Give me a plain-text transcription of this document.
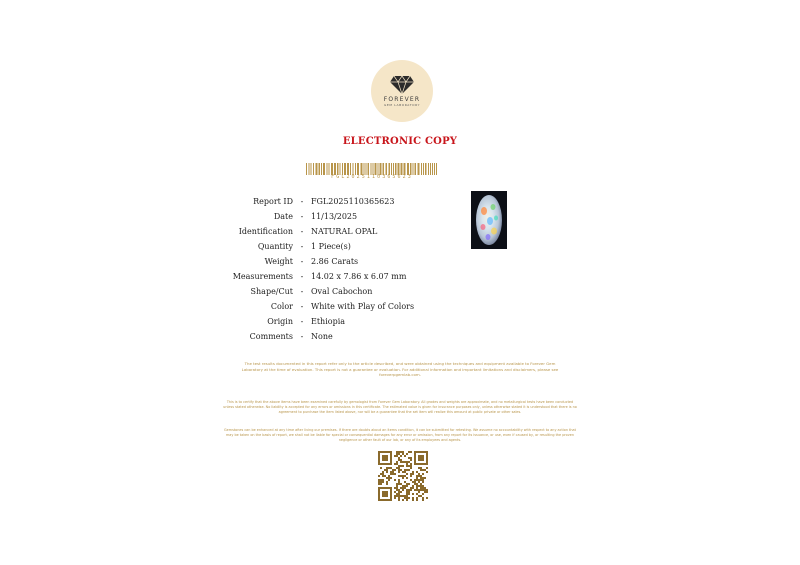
FOREVER
GEM LABORATORY
ELECTRONIC COPY
FGL2025110365623
Report ID - FGL2025110365623
Date - 11/13/2025
Identification - NATURAL OPAL
Quantity - 1 Piece(s)
Weight - 2.86 Carats
Measurements - 14.02 x 7.86 x 6.07 mm
Shape/Cut - Oval Cabochon
Color - White with Play of Colors
Origin - Ethiopia
Comments - None
The test results documented in this report refer only to the article described, and were obtained using the techniques and equipment available to Forever Gem Laboratory at the time of evaluation. This report is not a guarantee or evaluation. For additional information and important limitations and disclaimers, please see foreverpgemlab.com.
This is to certify that the above items have been examined carefully by gemologist from Forever Gem Laboratory. All grades and weights are approximate, and no metallurgical tests have been conducted unless stated otherwise. No liability is accepted for any errors or omissions in this certificate. The estimated value is given for insurance purposes only, unless otherwise stated it is understood that there is no agreement to purchase the item listed above, nor will be a guarantee that the set item will realize this amount at public private or other sales.
Gemstones can be enhanced at any time after living our premises. If there are doubts about an items condition, it can be submitted for retesting. We assume no accountability with respect to any action that may be taken on the basis of report, we shall not be liable for special or consequential damages for any error or omission, from any report for its issuance, or use, even if caused by, or resulting the proven negligence or other fault of our lab, or any of its employees and agents.
